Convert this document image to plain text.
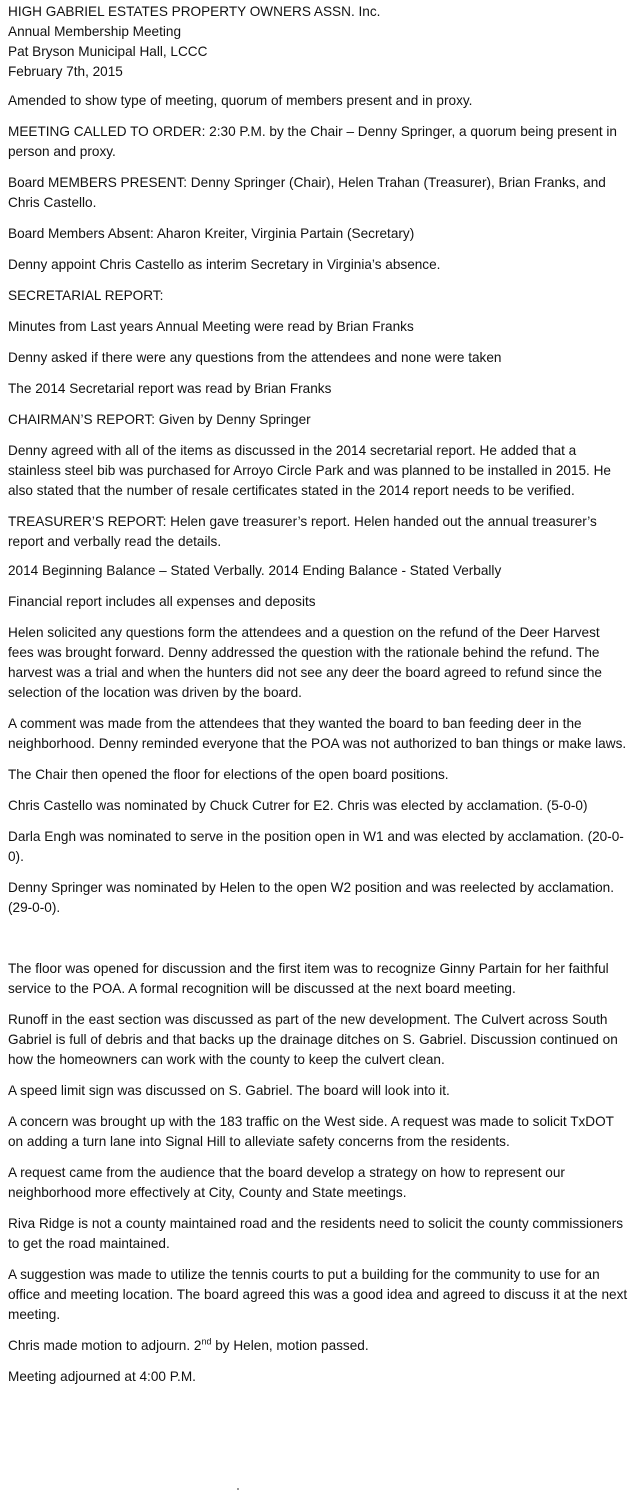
HIGH GABRIEL ESTATES PROPERTY OWNERS ASSN. Inc.
Annual Membership Meeting
Pat Bryson Municipal Hall, LCCC
February 7th, 2015

Amended to show type of meeting, quorum of members present and in proxy.

MEETING CALLED TO ORDER: 2:30 P.M. by the Chair – Denny Springer, a quorum being present in person and proxy.

Board MEMBERS PRESENT: Denny Springer (Chair), Helen Trahan (Treasurer), Brian Franks, and Chris Castello.

Board Members Absent: Aharon Kreiter, Virginia Partain (Secretary)

Denny appoint Chris Castello as interim Secretary in Virginia’s absence.

SECRETARIAL REPORT:

Minutes from Last years Annual Meeting were read by Brian Franks

Denny asked if there were any questions from the attendees and none were taken

The 2014 Secretarial report was read by Brian Franks

CHAIRMAN’S REPORT: Given by Denny Springer

Denny agreed with all of the items as discussed in the 2014 secretarial report. He added that a stainless steel bib was purchased for Arroyo Circle Park and was planned to be installed in 2015. He also stated that the number of resale certificates stated in the 2014 report needs to be verified.

TREASURER’S REPORT: Helen gave treasurer’s report. Helen handed out the annual treasurer’s report and verbally read the details.

2014 Beginning Balance – Stated Verbally. 2014 Ending Balance - Stated Verbally

Financial report includes all expenses and deposits

Helen solicited any questions form the attendees and a question on the refund of the Deer Harvest fees was brought forward. Denny addressed the question with the rationale behind the refund. The harvest was a trial and when the hunters did not see any deer the board agreed to refund since the selection of the location was driven by the board.

A comment was made from the attendees that they wanted the board to ban feeding deer in the neighborhood. Denny reminded everyone that the POA was not authorized to ban things or make laws.

The Chair then opened the floor for elections of the open board positions.

Chris Castello was nominated by Chuck Cutrer for E2. Chris was elected by acclamation. (5-0-0)

Darla Engh was nominated to serve in the position open in W1 and was elected by acclamation. (20-0-0).

Denny Springer was nominated by Helen to the open W2 position and was reelected by acclamation. (29-0-0).

The floor was opened for discussion and the first item was to recognize Ginny Partain for her faithful service to the POA. A formal recognition will be discussed at the next board meeting.

Runoff in the east section was discussed as part of the new development. The Culvert across South Gabriel is full of debris and that backs up the drainage ditches on S. Gabriel. Discussion continued on how the homeowners can work with the county to keep the culvert clean.

A speed limit sign was discussed on S. Gabriel. The board will look into it.

A concern was brought up with the 183 traffic on the West side. A request was made to solicit TxDOT on adding a turn lane into Signal Hill to alleviate safety concerns from the residents.

A request came from the audience that the board develop a strategy on how to represent our neighborhood more effectively at City, County and State meetings.

Riva Ridge is not a county maintained road and the residents need to solicit the county commissioners to get the road maintained.

A suggestion was made to utilize the tennis courts to put a building for the community to use for an office and meeting location. The board agreed this was a good idea and agreed to discuss it at the next meeting.

Chris made motion to adjourn. 2nd by Helen, motion passed.

Meeting adjourned at 4:00 P.M.
